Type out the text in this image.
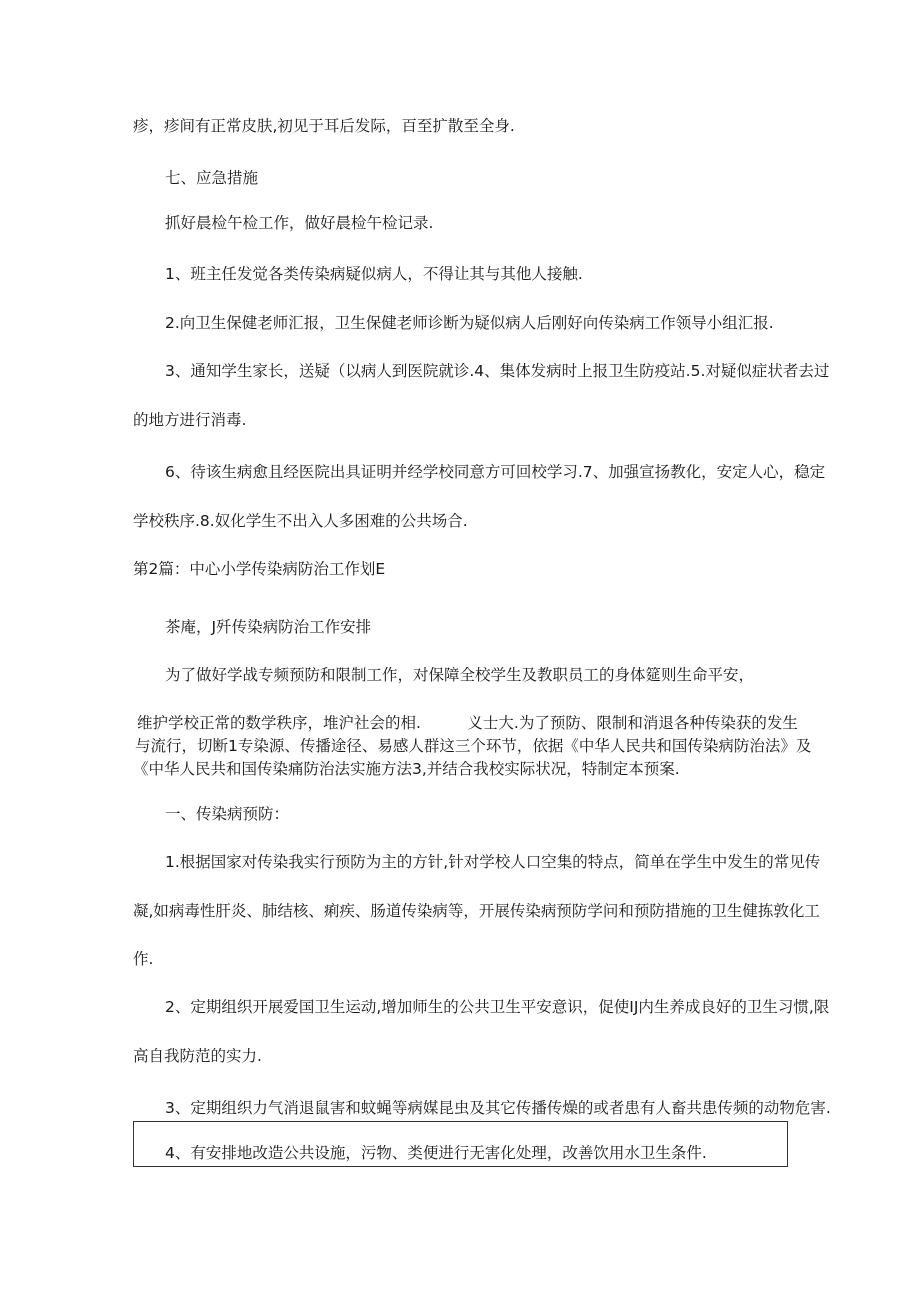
疹，疹间有正常皮肤,初见于耳后发际，百至扩散至全身.
七、应急措施
抓好晨检午检工作，做好晨检午检记录.
1、班主任发觉各类传染病疑似病人，不得让其与其他人接触.
2.向卫生保健老师汇报，卫生保健老师诊断为疑似病人后刚好向传染病工作领导小组汇报.
3、通知学生家长，送疑（以病人到医院就诊.4、集体发病时上报卫生防疫站.5.对疑似症状者去过
的地方进行消毒.
6、待该生病愈且经医院出具证明并经学校同意方可回校学习.7、加强宣扬教化，安定人心，稳定
学校秩序.8.奴化学生不出入人多困难的公共场合.
第2篇：中心小学传染病防治工作划E
茶庵，J歼传染病防治工作安排
为了做好学战专频预防和限制工作，对保障全校学生及教职员工的身体筵则生命平安，
维护学校正常的数学秩序，堆沪社会的相.　　　义士大.为了预防、限制和消退各种传染获的发生
与流行，切断1专染源、传播途径、易感人群这三个环节，依据《中华人民共和国传染病防治法》及
《中华人民共和国传染痛防治法实施方法3,并结合我校实际状况，特制定本预案.
一、传染病预防：
1.根据国家对传染我实行预防为主的方针,针对学校人口空集的特点，简单在学生中发生的常见传
凝,如病毒性肝炎、肺结核、痢疾、肠道传染病等，开展传染病预防学问和预防措施的卫生健拣敦化工
作.
2、定期组织开展爱国卫生运动,增加师生的公共卫生平安意识，促使IJ内生养成良好的卫生习惯,限
高自我防范的实力.
3、定期组织力气消退鼠害和蚊蝇等病媒昆虫及其它传播传燥的或者患有人畜共患传频的动物危害.
4、有安排地改造公共设施，污物、类便进行无害化处理，改善饮用水卫生条件.
